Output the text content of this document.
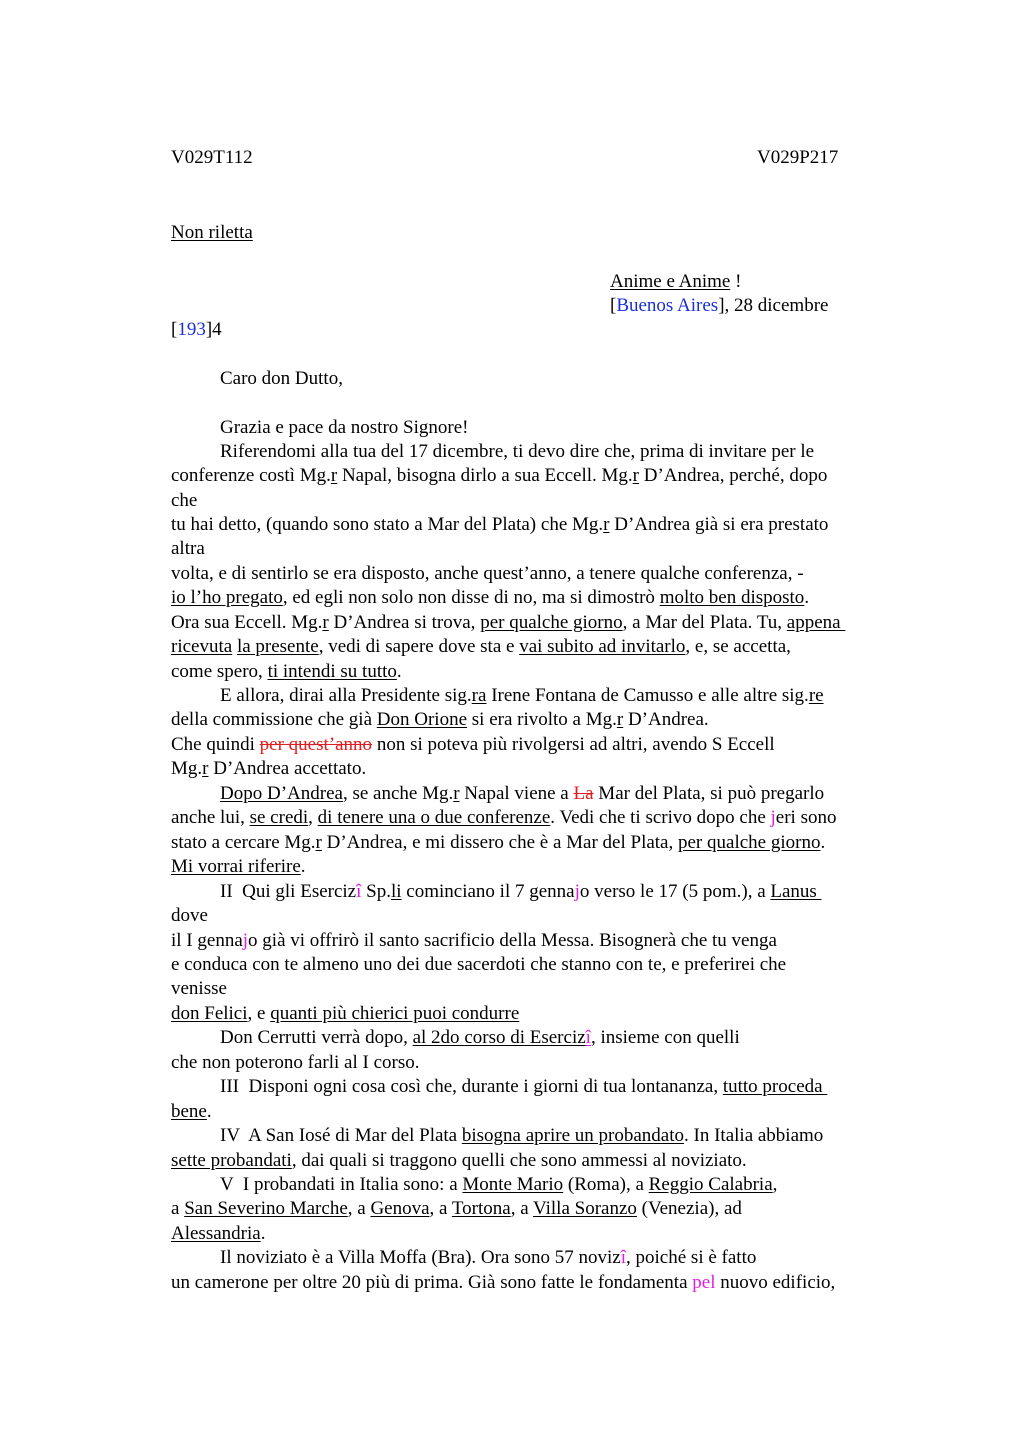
V029T112	V029P217
Non riletta
Anime e Anime !
[Buenos Aires], 28 dicembre
[193]4
Caro don Dutto,
Grazia e pace da nostro Signore!
Riferendomi alla tua del 17 dicembre, ti devo dire che, prima di invitare per le
conferenze costì Mg.r Napal, bisogna dirlo a sua Eccell. Mg.r D’Andrea, perché, dopo
che
tu hai detto, (quando sono stato a Mar del Plata) che Mg.r D’Andrea già si era prestato
altra
volta, e di sentirlo se era disposto, anche quest’anno, a tenere qualche conferenza, -
io l’ho pregato, ed egli non solo non disse di no, ma si dimostrò molto ben disposto.
Ora sua Eccell. Mg.r D’Andrea si trova, per qualche giorno, a Mar del Plata. Tu, appena
ricevuta la presente, vedi di sapere dove sta e vai subito ad invitarlo, e, se accetta,
come spero, ti intendi su tutto.
E allora, dirai alla Presidente sig.ra Irene Fontana de Camusso e alle altre sig.re
della commissione che già Don Orione si era rivolto a Mg.r D’Andrea.
Che quindi per quest’anno non si poteva più rivolgersi ad altri, avendo S Eccell
Mg.r D’Andrea accettato.
Dopo D’Andrea, se anche Mg.r Napal viene a La Mar del Plata, si può pregarlo
anche lui, se credi, di tenere una o due conferenze. Vedi che ti scrivo dopo che jeri sono
stato a cercare Mg.r D’Andrea, e mi dissero che è a Mar del Plata, per qualche giorno.
Mi vorrai riferire.
II  Qui gli Esercizî Sp.li cominciano il 7 gennajo verso le 17 (5 pom.), a Lanus
dove
il I gennajo già vi offrirò il santo sacrificio della Messa. Bisognerà che tu venga
e conduca con te almeno uno dei due sacerdoti che stanno con te, e preferirei che
venisse
don Felici, e quanti più chierici puoi condurre
Don Cerrutti verrà dopo, al 2do corso di Esercizî, insieme con quelli
che non poterono farli al I corso.
III  Disponi ogni cosa così che, durante i giorni di tua lontananza, tutto proceda
bene.
IV  A San Iosé di Mar del Plata bisogna aprire un probandato. In Italia abbiamo
sette probandati, dai quali si traggono quelli che sono ammessi al noviziato.
V  I probandati in Italia sono: a Monte Mario (Roma), a Reggio Calabria,
a San Severino Marche, a Genova, a Tortona, a Villa Soranzo (Venezia), ad
Alessandria.
Il noviziato è a Villa Moffa (Bra). Ora sono 57 novizî, poiché si è fatto
un camerone per oltre 20 più di prima. Già sono fatte le fondamenta pel nuovo edificio,
